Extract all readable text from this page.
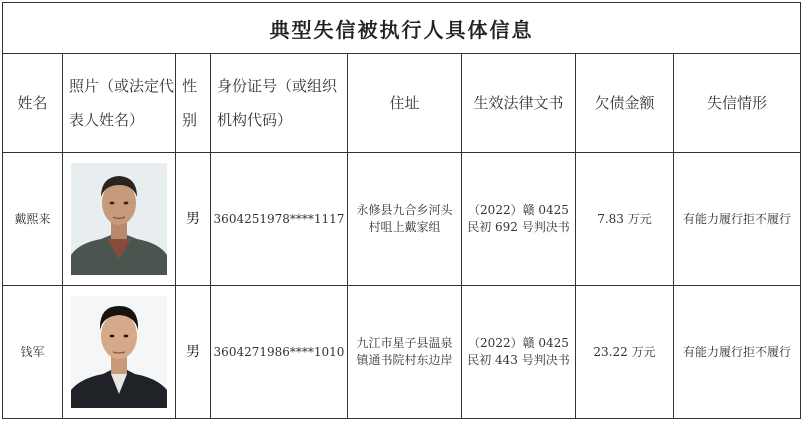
典型失信被执行人具体信息							
姓名	照片（或法定代表人姓名）	性别	身份证号（或组织机构代码）	住址	生效法律文书	欠债金额	失信情形
戴熙来		男	3604251978****1117	永修县九合乡河头村咀上戴家组	（2022）赣 0425 民初 692 号判决书	7.83 万元	有能力履行拒不履行
钱军		男	3604271986****1010	九江市星子县温泉镇通书院村东边岸	（2022）赣 0425 民初 443 号判决书	23.22 万元	有能力履行拒不履行
